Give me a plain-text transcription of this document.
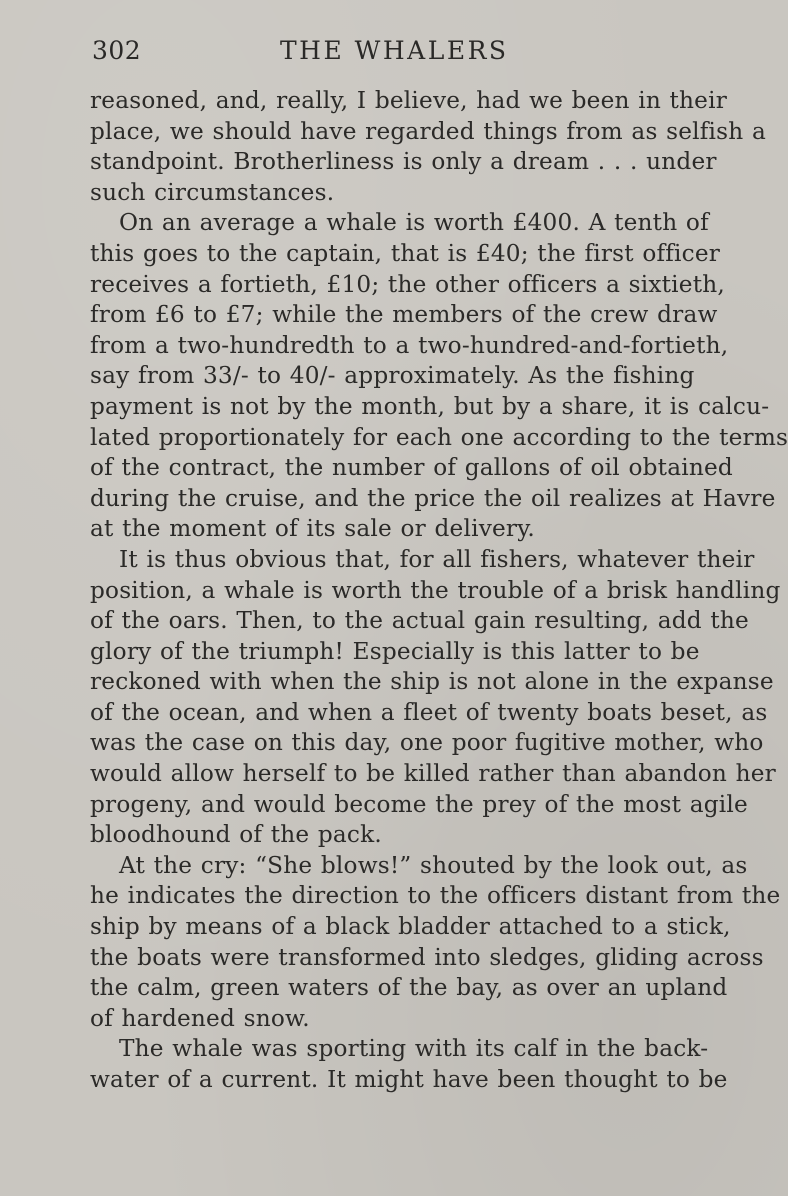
302	THE WHALERS
reasoned, and, really, I believe, had we been in their
place, we should have regarded things from as selfish a
standpoint. Brotherliness is only a dream . . . under
such circumstances.
On an average a whale is worth £400. A tenth of
this goes to the captain, that is £40; the first officer
receives a fortieth, £10; the other officers a sixtieth,
from £6 to £7; while the members of the crew draw
from a two-hundredth to a two-hundred-and-fortieth,
say from 33/- to 40/- approximately. As the fishing
payment is not by the month, but by a share, it is calcu-
lated proportionately for each one according to the terms
of the contract, the number of gallons of oil obtained
during the cruise, and the price the oil realizes at Havre
at the moment of its sale or delivery.
It is thus obvious that, for all fishers, whatever their
position, a whale is worth the trouble of a brisk handling
of the oars. Then, to the actual gain resulting, add the
glory of the triumph! Especially is this latter to be
reckoned with when the ship is not alone in the expanse
of the ocean, and when a fleet of twenty boats beset, as
was the case on this day, one poor fugitive mother, who
would allow herself to be killed rather than abandon her
progeny, and would become the prey of the most agile
bloodhound of the pack.
At the cry: “She blows!” shouted by the look out, as
he indicates the direction to the officers distant from the
ship by means of a black bladder attached to a stick,
the boats were transformed into sledges, gliding across
the calm, green waters of the bay, as over an upland
of hardened snow.
The whale was sporting with its calf in the back-
water of a current. It might have been thought to be
